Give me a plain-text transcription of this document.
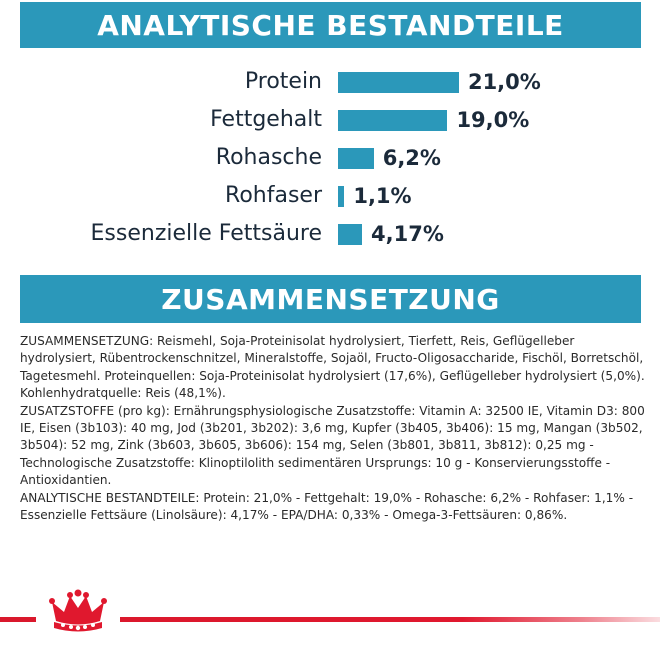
ANALYTISCHE BESTANDTEILE
Protein	21,0%
Fettgehalt	19,0%
Rohasche	6,2%
Rohfaser 1,1%
Essenzielle Fettsäure 4,17%
ZUSAMMENSETZUNG

ZUSAMMENSETZUNG: Reismehl, Soja-Proteinisolat hydrolysiert, Tierfett, Reis, Geflügelleber hydrolysiert, Rübentrockenschnitzel, Mineralstoffe, Sojaöl, Fructo-Oligosaccharide, Fischöl, Borretschöl, Tagetesmehl. Proteinquellen: Soja-Proteinisolat hydrolysiert (17,6%), Geflügelleber hydrolysiert (5,0%). Kohlenhydratquelle: Reis (48,1%).

ZUSATZSTOFFE (pro kg): Ernährungsphysiologische Zusatzstoffe: Vitamin A: 32500 IE, Vitamin D3: 800 IE, Eisen (3b103): 40 mg, Jod (3b201, 3b202): 3,6 mg, Kupfer (3b405, 3b406): 15 mg, Mangan (3b502, 3b504): 52 mg, Zink (3b603, 3b605, 3b606): 154 mg, Selen (3b801, 3b811, 3b812): 0,25 mg - Technologische Zusatzstoffe: Klinoptilolith sedimentären Ursprungs: 10 g - Konservierungsstoffe - Antioxidantien.

ANALYTISCHE BESTANDTEILE: Protein: 21,0% - Fettgehalt: 19,0% - Rohasche: 6,2% - Rohfaser: 1,1% - Essenzielle Fettsäure (Linolsäure): 4,17% - EPA/DHA: 0,33% - Omega-3-Fettsäuren: 0,86%.
